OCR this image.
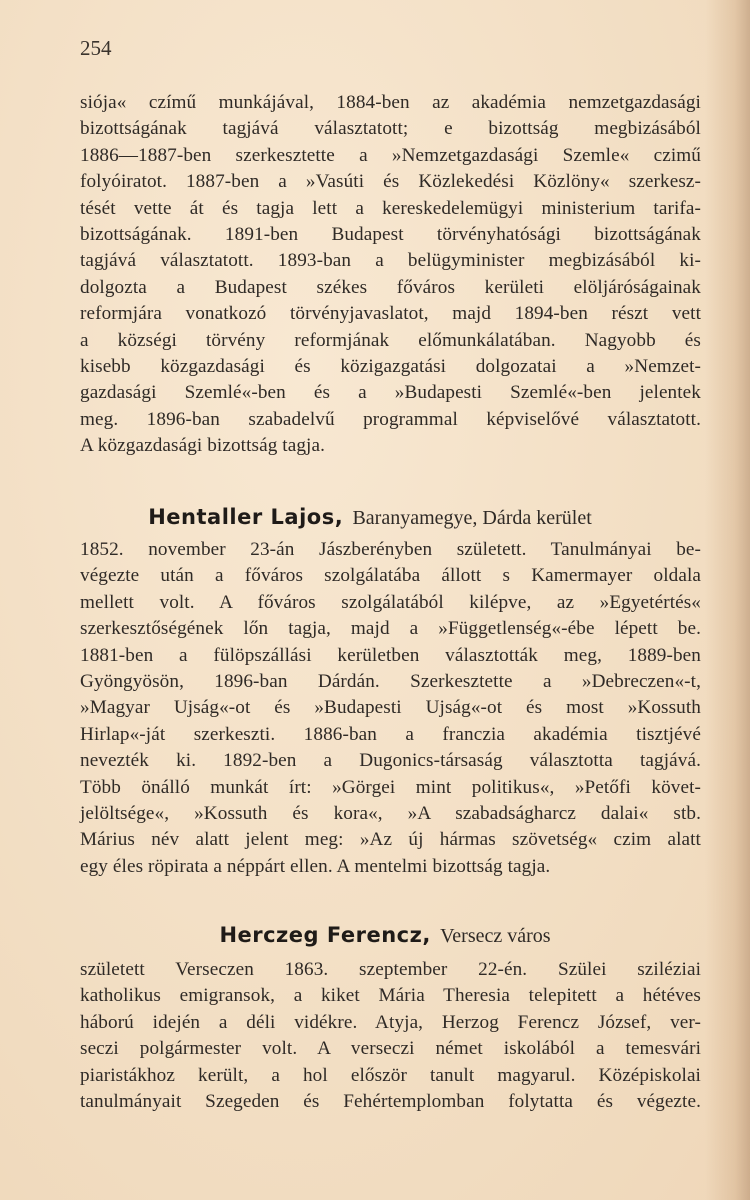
254
siója« czímű munkájával, 1884-ben az akadémia nemzetgazdasági
bizottságának tagjává választatott; e bizottság megbizásából
1886—1887-ben szerkesztette a »Nemzetgazdasági Szemle« czimű
folyóiratot. 1887-ben a »Vasúti és Közlekedési Közlöny« szerkesz-
tését vette át és tagja lett a kereskedelemügyi ministerium tarifa-
bizottságának. 1891-ben Budapest törvényhatósági bizottságának
tagjává választatott. 1893-ban a belügyminister megbizásából ki-
dolgozta a Budapest székes főváros kerületi elöljáróságainak
reformjára vonatkozó törvényjavaslatot, majd 1894-ben részt vett
a községi törvény reformjának előmunkálatában. Nagyobb és
kisebb közgazdasági és közigazgatási dolgozatai a »Nemzet-
gazdasági Szemlé«-ben és a »Budapesti Szemlé«-ben jelentek
meg. 1896-ban szabadelvű programmal képviselővé választatott.
A közgazdasági bizottság tagja.
Hentaller Lajos, Baranyamegye, Dárda kerület
1852. november 23-án Jászberényben született. Tanulmányai be-
végezte után a főváros szolgálatába állott s Kamermayer oldala
mellett volt. A főváros szolgálatából kilépve, az »Egyetértés«
szerkesztőségének lőn tagja, majd a »Függetlenség«-ébe lépett be.
1881-ben a fülöpszállási kerületben választották meg, 1889-ben
Gyöngyösön, 1896-ban Dárdán. Szerkesztette a »Debreczen«-t,
»Magyar Ujság«-ot és »Budapesti Ujság«-ot és most »Kossuth
Hirlap«-ját szerkeszti. 1886-ban a franczia akadémia tisztjévé
nevezték ki. 1892-ben a Dugonics-társaság választotta tagjává.
Több önálló munkát írt: »Görgei mint politikus«, »Petőfi követ-
jelöltsége«, »Kossuth és kora«, »A szabadságharcz dalai« stb.
Márius név alatt jelent meg: »Az új hármas szövetség« czim alatt
egy éles röpirata a néppárt ellen. A mentelmi bizottság tagja.
Herczeg Ferencz, Versecz város
született Verseczen 1863. szeptember 22-én. Szülei sziléziai
katholikus emigransok, a kiket Mária Theresia telepitett a hétéves
háború idején a déli vidékre. Atyja, Herzog Ferencz József, ver-
seczi polgármester volt. A verseczi német iskolából a temesvári
piaristákhoz került, a hol először tanult magyarul. Középiskolai
tanulmányait Szegeden és Fehértemplomban folytatta és végezte.
